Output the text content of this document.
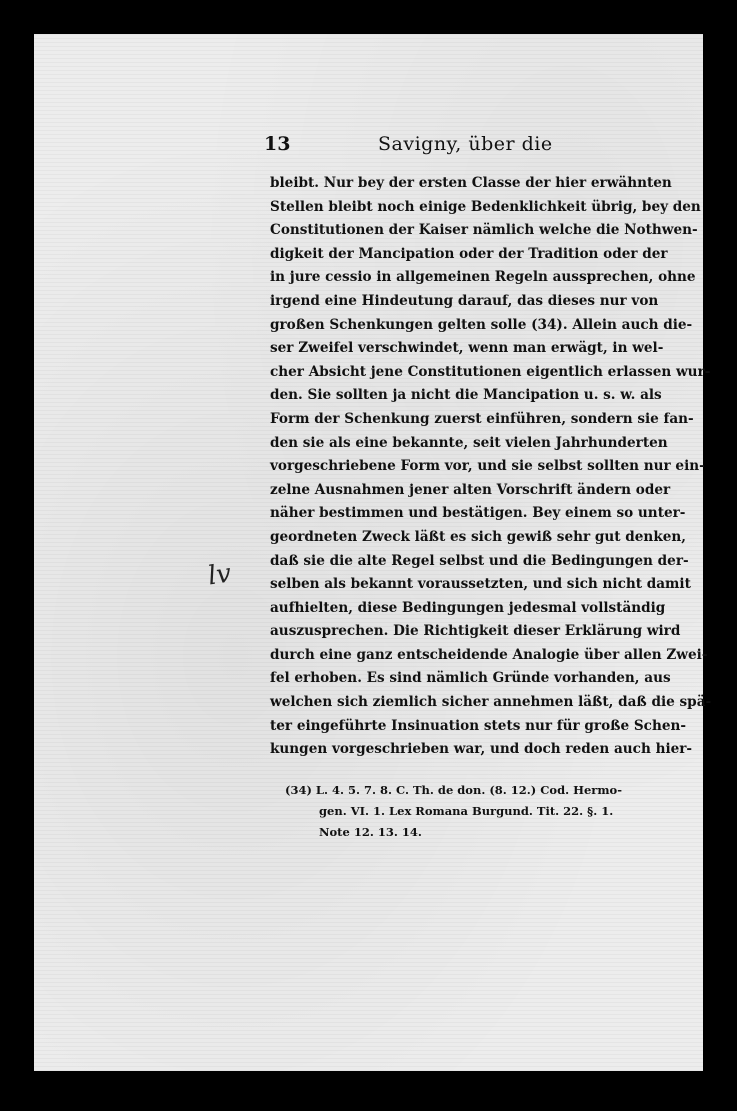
13	Savigny, über die
bleibt. Nur bey der ersten Classe der hier erwähnten
Stellen bleibt noch einige Bedenklichkeit übrig, bey den
Constitutionen der Kaiser nämlich welche die Nothwen-
digkeit der Mancipation oder der Tradition oder der
in jure cessio in allgemeinen Regeln aussprechen, ohne
irgend eine Hindeutung darauf, das dieses nur von
großen Schenkungen gelten solle (34). Allein auch die-
ser Zweifel verschwindet, wenn man erwägt, in wel-
cher Absicht jene Constitutionen eigentlich erlassen wur-
den. Sie sollten ja nicht die Mancipation u. s. w. als
Form der Schenkung zuerst einführen, sondern sie fan-
den sie als eine bekannte, seit vielen Jahrhunderten
vorgeschriebene Form vor, und sie selbst sollten nur ein-
zelne Ausnahmen jener alten Vorschrift ändern oder
näher bestimmen und bestätigen. Bey einem so unter-
geordneten Zweck läßt es sich gewiß sehr gut denken,
daß sie die alte Regel selbst und die Bedingungen der-
selben als bekannt voraussetzten, und sich nicht damit
aufhielten, diese Bedingungen jedesmal vollständig
auszusprechen. Die Richtigkeit dieser Erklärung wird
durch eine ganz entscheidende Analogie über allen Zwei-
fel erhoben. Es sind nämlich Gründe vorhanden, aus
welchen sich ziemlich sicher annehmen läßt, daß die spä-
ter eingeführte Insinuation stets nur für große Schen-
kungen vorgeschrieben war, und doch reden auch hier-
(34) L. 4. 5. 7. 8. C. Th. de don. (8. 12.) Cod. Hermo-
gen. VI. 1. Lex Romana Burgund. Tit. 22. §. 1.
Note 12. 13. 14.
lv
